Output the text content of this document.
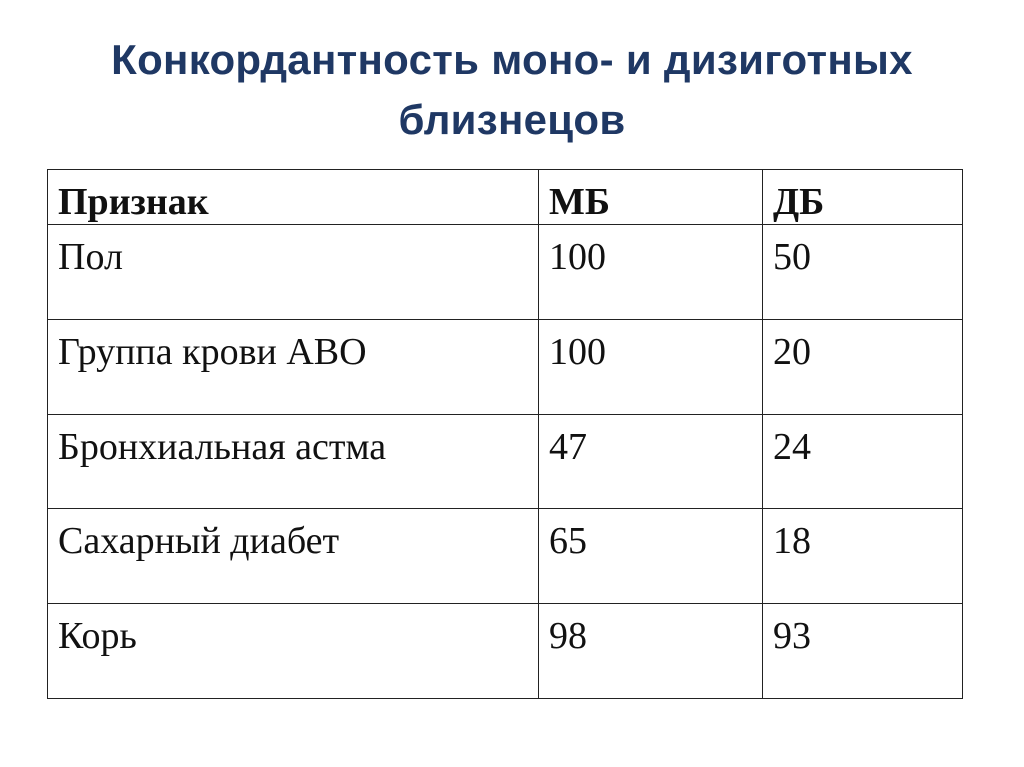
Конкордантность моно- и дизиготных
близнецов
Признак	МБ	ДБ
Пол	100	50
Группа крови АВО	100	20
Бронхиальная астма	47	24
Сахарный диабет	65	18
Корь	98	93
